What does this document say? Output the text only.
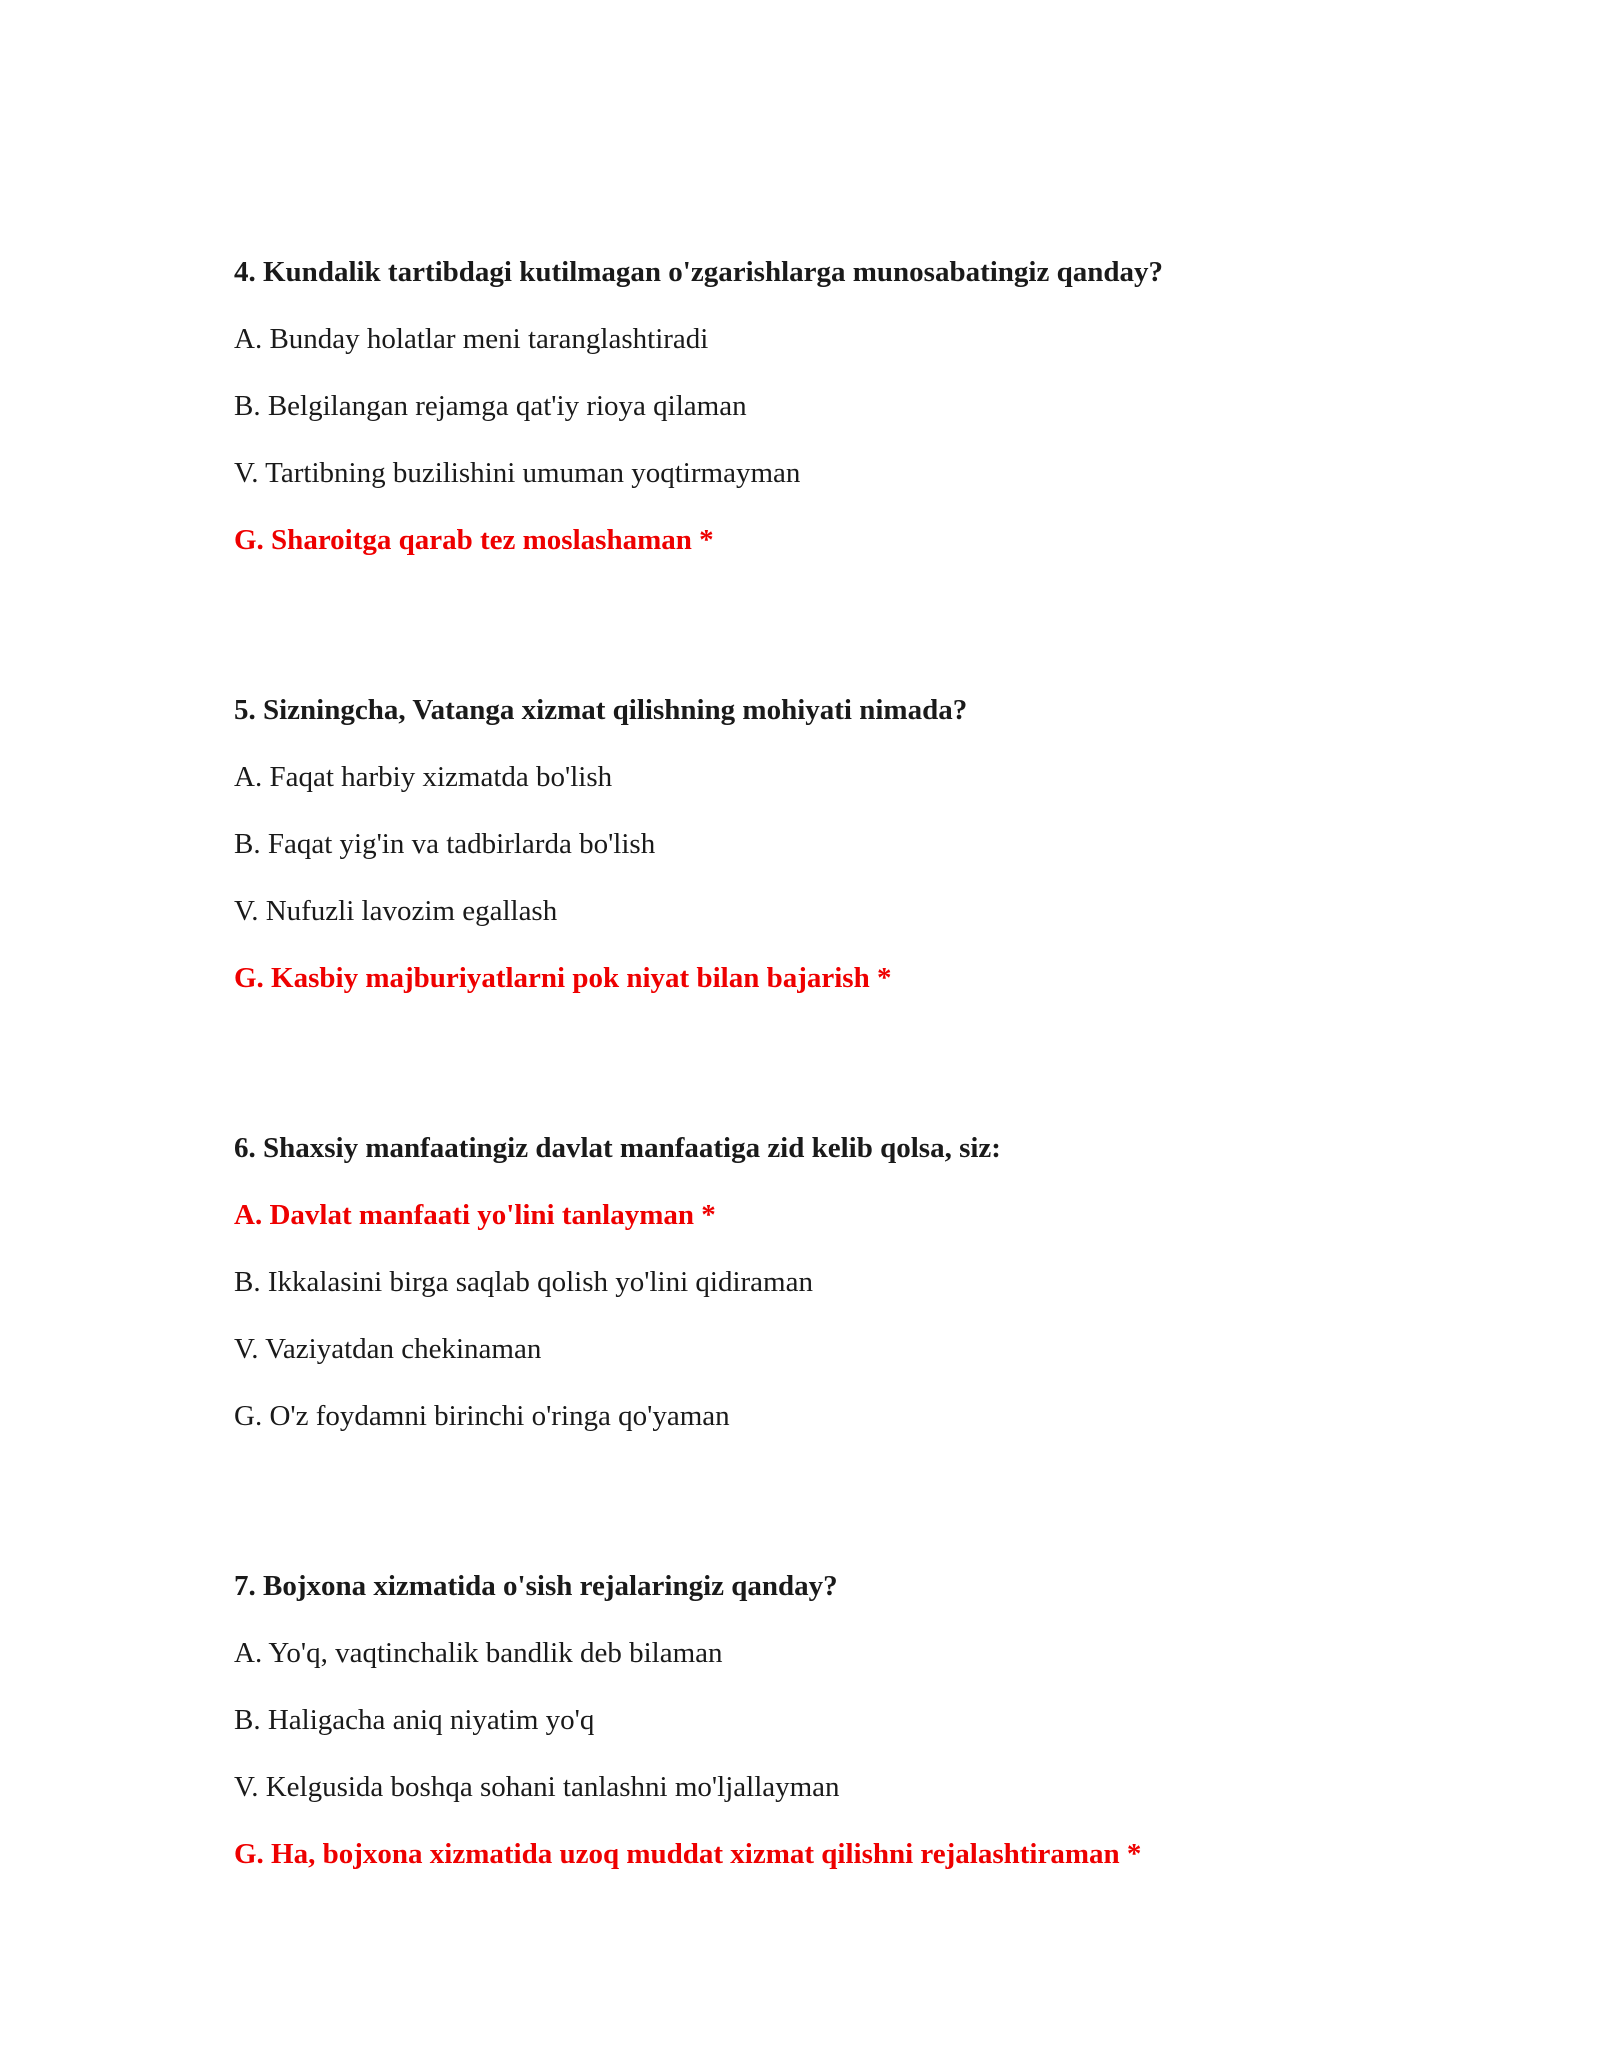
4. Kundalik tartibdagi kutilmagan o'zgarishlarga munosabatingiz qanday?
A. Bunday holatlar meni taranglashtiradi
B. Belgilangan rejamga qat'iy rioya qilaman
V. Tartibning buzilishini umuman yoqtirmayman
G. Sharoitga qarab tez moslashaman *
5. Sizningcha, Vatanga xizmat qilishning mohiyati nimada?
A. Faqat harbiy xizmatda bo'lish
B. Faqat yig'in va tadbirlarda bo'lish
V. Nufuzli lavozim egallash
G. Kasbiy majburiyatlarni pok niyat bilan bajarish *
6. Shaxsiy manfaatingiz davlat manfaatiga zid kelib qolsa, siz:
A. Davlat manfaati yo'lini tanlayman *
B. Ikkalasini birga saqlab qolish yo'lini qidiraman
V. Vaziyatdan chekinaman
G. O'z foydamni birinchi o'ringa qo'yaman
7. Bojxona xizmatida o'sish rejalaringiz qanday?
A. Yo'q, vaqtinchalik bandlik deb bilaman
B. Haligacha aniq niyatim yo'q
V. Kelgusida boshqa sohani tanlashni mo'ljallayman
G. Ha, bojxona xizmatida uzoq muddat xizmat qilishni rejalashtiraman *
